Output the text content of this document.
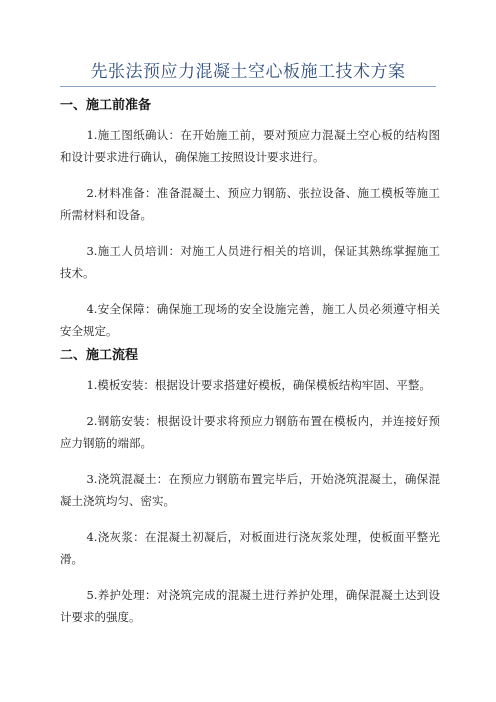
先张法预应力混凝土空心板施工技术方案
一、施工前准备

1.施工图纸确认：在开始施工前，要对预应力混凝土空心板的结构图和设计要求进行确认，确保施工按照设计要求进行。

2.材料准备：准备混凝土、预应力钢筋、张拉设备、施工模板等施工所需材料和设备。

3.施工人员培训：对施工人员进行相关的培训，保证其熟练掌握施工技术。

4.安全保障：确保施工现场的安全设施完善，施工人员必须遵守相关安全规定。

二、施工流程

1.模板安装：根据设计要求搭建好模板，确保模板结构牢固、平整。

2.钢筋安装：根据设计要求将预应力钢筋布置在模板内，并连接好预应力钢筋的端部。

3.浇筑混凝土：在预应力钢筋布置完毕后，开始浇筑混凝土，确保混凝土浇筑均匀、密实。

4.浇灰浆：在混凝土初凝后，对板面进行浇灰浆处理，使板面平整光滑。

5.养护处理：对浇筑完成的混凝土进行养护处理，确保混凝土达到设计要求的强度。
